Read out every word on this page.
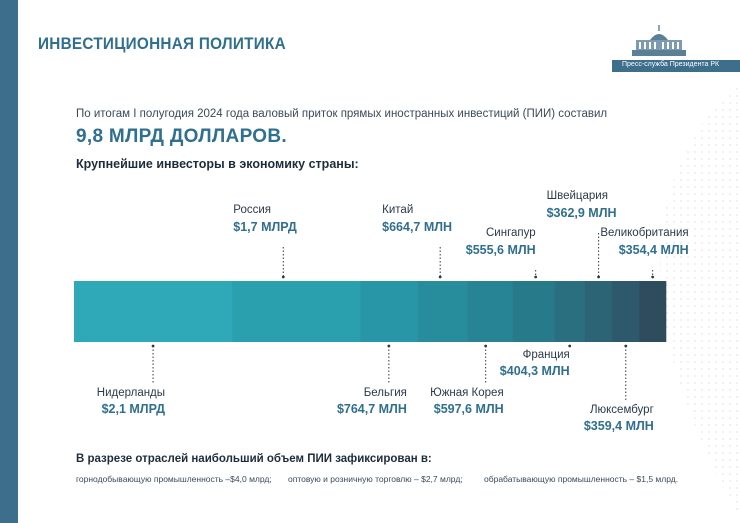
ИНВЕСТИЦИОННАЯ ПОЛИТИКА
Пресс-служба Президента РК
По итогам I полугодия 2024 года валовый приток прямых иностранных инвестиций (ПИИ) составил
9,8 МЛРД ДОЛЛАРОВ.
Крупнейшие инвесторы в экономику страны:
Нидерланды
$2,1 МЛРД
Россия
$1,7 МЛРД
Бельгия
$764,7 МЛН
Китай
$664,7 МЛН
Южная Корея
$597,6 МЛН
Сингапур
$555,6 МЛН
Франция
$404,3 МЛН
Швейцария
$362,9 МЛН
Люксембург
$359,4 МЛН
Великобритания
$354,4 МЛН
В разрезе отраслей наибольший объем ПИИ зафиксирован в:
горнодобывающую промышленность –$4,0 млрд; оптовую и розничную торговлю – $2,7 млрд;	обрабатывающую промышленность – $1,5 млрд.
